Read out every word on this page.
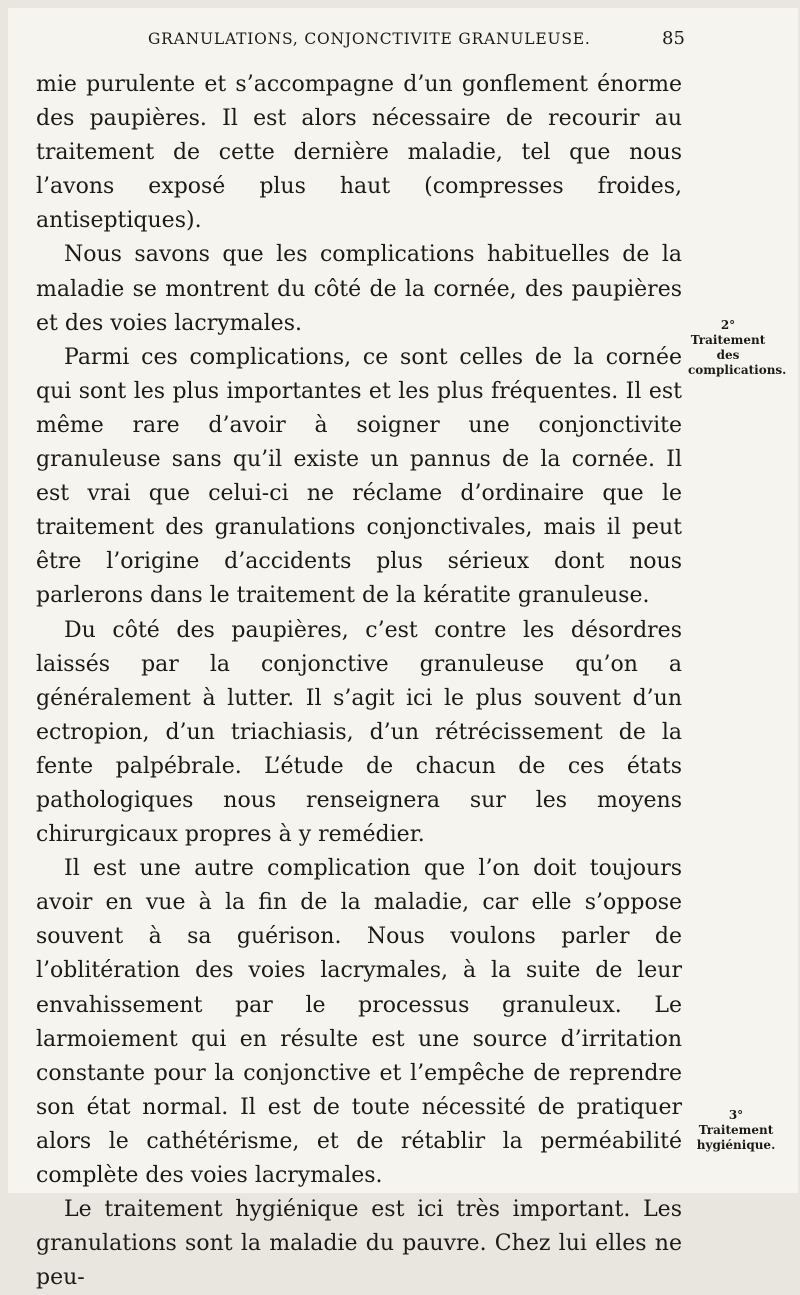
GRANULATIONS, CONJONCTIVITE GRANULEUSE.	85

mie purulente et s’accompagne d’un gonflement énorme des paupières. Il est alors nécessaire de recourir au traitement de cette dernière maladie, tel que nous l’avons exposé plus haut (compresses froides, antiseptiques).

Nous savons que les complications habituelles de la maladie se montrent du côté de la cornée, des paupières et des voies lacrymales.

Parmi ces complications, ce sont celles de la cornée qui sont les plus importantes et les plus fréquentes. Il est même rare d’avoir à soigner une conjonctivite granuleuse sans qu’il existe un pannus de la cornée. Il est vrai que celui-ci ne réclame d’ordinaire que le traitement des granulations conjonctivales, mais il peut être l’origine d’accidents plus sérieux dont nous parlerons dans le traitement de la kératite granuleuse.

Du côté des paupières, c’est contre les désordres laissés par la conjonctive granuleuse qu’on a généralement à lutter. Il s’agit ici le plus souvent d’un ectropion, d’un triachiasis, d’un rétrécissement de la fente palpébrale. L’étude de chacun de ces états pathologiques nous renseignera sur les moyens chirurgicaux propres à y remédier.

Il est une autre complication que l’on doit toujours avoir en vue à la fin de la maladie, car elle s’oppose souvent à sa guérison. Nous voulons parler de l’oblitération des voies lacrymales, à la suite de leur envahissement par le processus granuleux. Le larmoiement qui en résulte est une source d’irritation constante pour la conjonctive et l’empêche de reprendre son état normal. Il est de toute nécessité de pratiquer alors le cathétérisme, et de rétablir la perméabilité complète des voies lacrymales.

Le traitement hygiénique est ici très important. Les granulations sont la maladie du pauvre. Chez lui elles ne peu-

2° Traitement des complications.
3° Traitement hygiénique.
